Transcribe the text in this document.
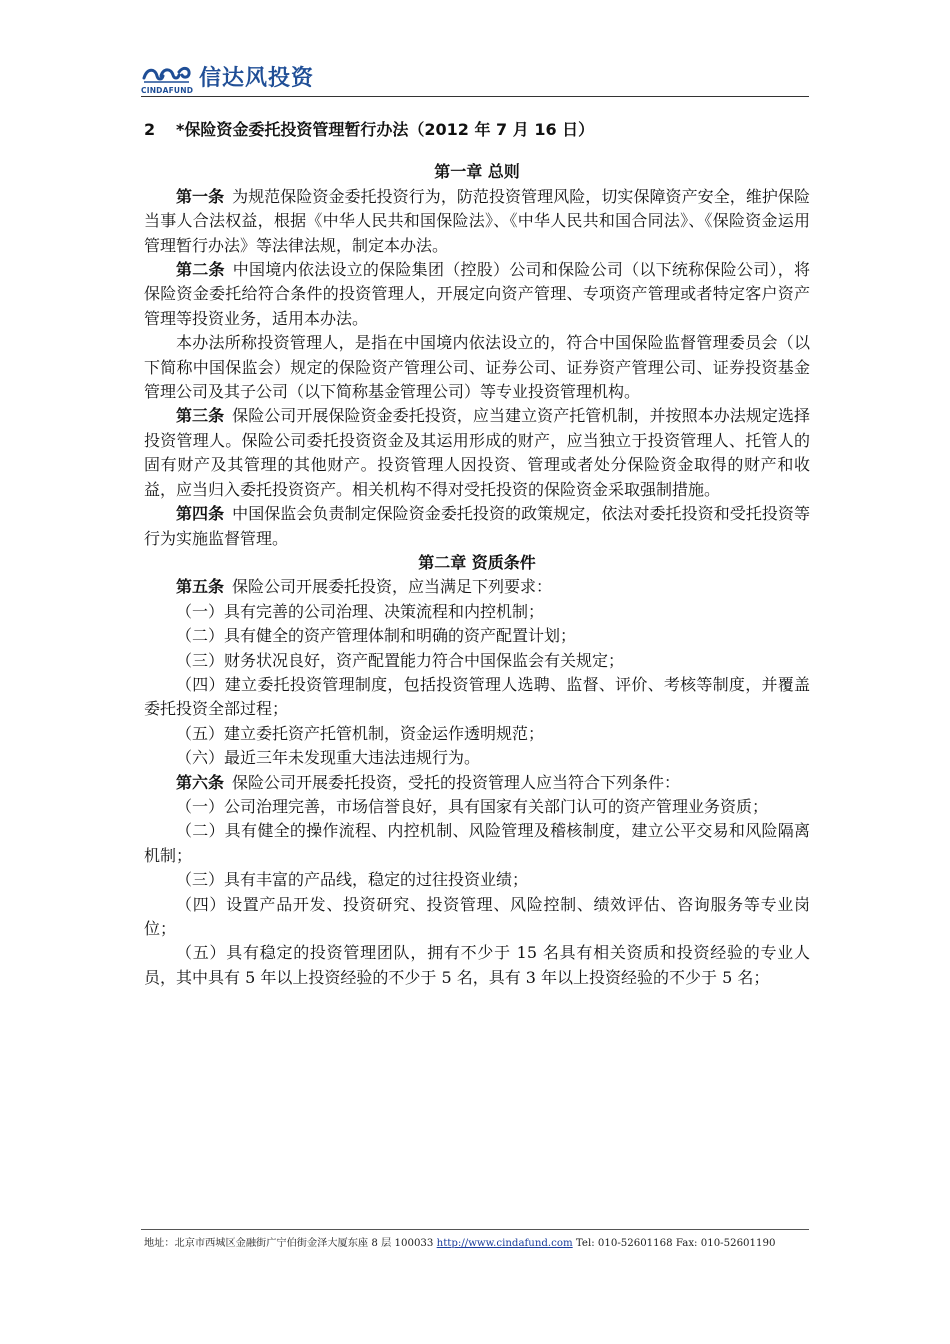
CINDAFUND 信达风投资

2 *保险资金委托投资管理暂行办法（2012 年 7 月 16 日）

第一章 总则

第一条 为规范保险资金委托投资行为，防范投资管理风险，切实保障资产安全，维护保险当事人合法权益，根据《中华人民共和国保险法》、《中华人民共和国合同法》、《保险资金运用管理暂行办法》等法律法规，制定本办法。

第二条 中国境内依法设立的保险集团（控股）公司和保险公司（以下统称保险公司），将保险资金委托给符合条件的投资管理人，开展定向资产管理、专项资产管理或者特定客户资产管理等投资业务，适用本办法。

本办法所称投资管理人，是指在中国境内依法设立的，符合中国保险监督管理委员会（以下简称中国保监会）规定的保险资产管理公司、证券公司、证券资产管理公司、证券投资基金管理公司及其子公司（以下简称基金管理公司）等专业投资管理机构。

第三条 保险公司开展保险资金委托投资，应当建立资产托管机制，并按照本办法规定选择投资管理人。保险公司委托投资资金及其运用形成的财产，应当独立于投资管理人、托管人的固有财产及其管理的其他财产。投资管理人因投资、管理或者处分保险资金取得的财产和收益，应当归入委托投资资产。相关机构不得对受托投资的保险资金采取强制措施。

第四条 中国保监会负责制定保险资金委托投资的政策规定，依法对委托投资和受托投资等行为实施监督管理。

第二章 资质条件

第五条 保险公司开展委托投资，应当满足下列要求：

（一）具有完善的公司治理、决策流程和内控机制；

（二）具有健全的资产管理体制和明确的资产配置计划；

（三）财务状况良好，资产配置能力符合中国保监会有关规定；

（四）建立委托投资管理制度，包括投资管理人选聘、监督、评价、考核等制度，并覆盖委托投资全部过程；

（五）建立委托资产托管机制，资金运作透明规范；

（六）最近三年未发现重大违法违规行为。

第六条 保险公司开展委托投资，受托的投资管理人应当符合下列条件：

（一）公司治理完善，市场信誉良好，具有国家有关部门认可的资产管理业务资质；

（二）具有健全的操作流程、内控机制、风险管理及稽核制度，建立公平交易和风险隔离机制；

（三）具有丰富的产品线，稳定的过往投资业绩；

（四）设置产品开发、投资研究、投资管理、风险控制、绩效评估、咨询服务等专业岗位；

（五）具有稳定的投资管理团队，拥有不少于 15 名具有相关资质和投资经验的专业人员，其中具有 5 年以上投资经验的不少于 5 名，具有 3 年以上投资经验的不少于 5 名；

地址：北京市西城区金融街广宁伯街金泽大厦东座 8 层 100033 http://www.cindafund.com Tel: 010-52601168 Fax: 010-52601190
